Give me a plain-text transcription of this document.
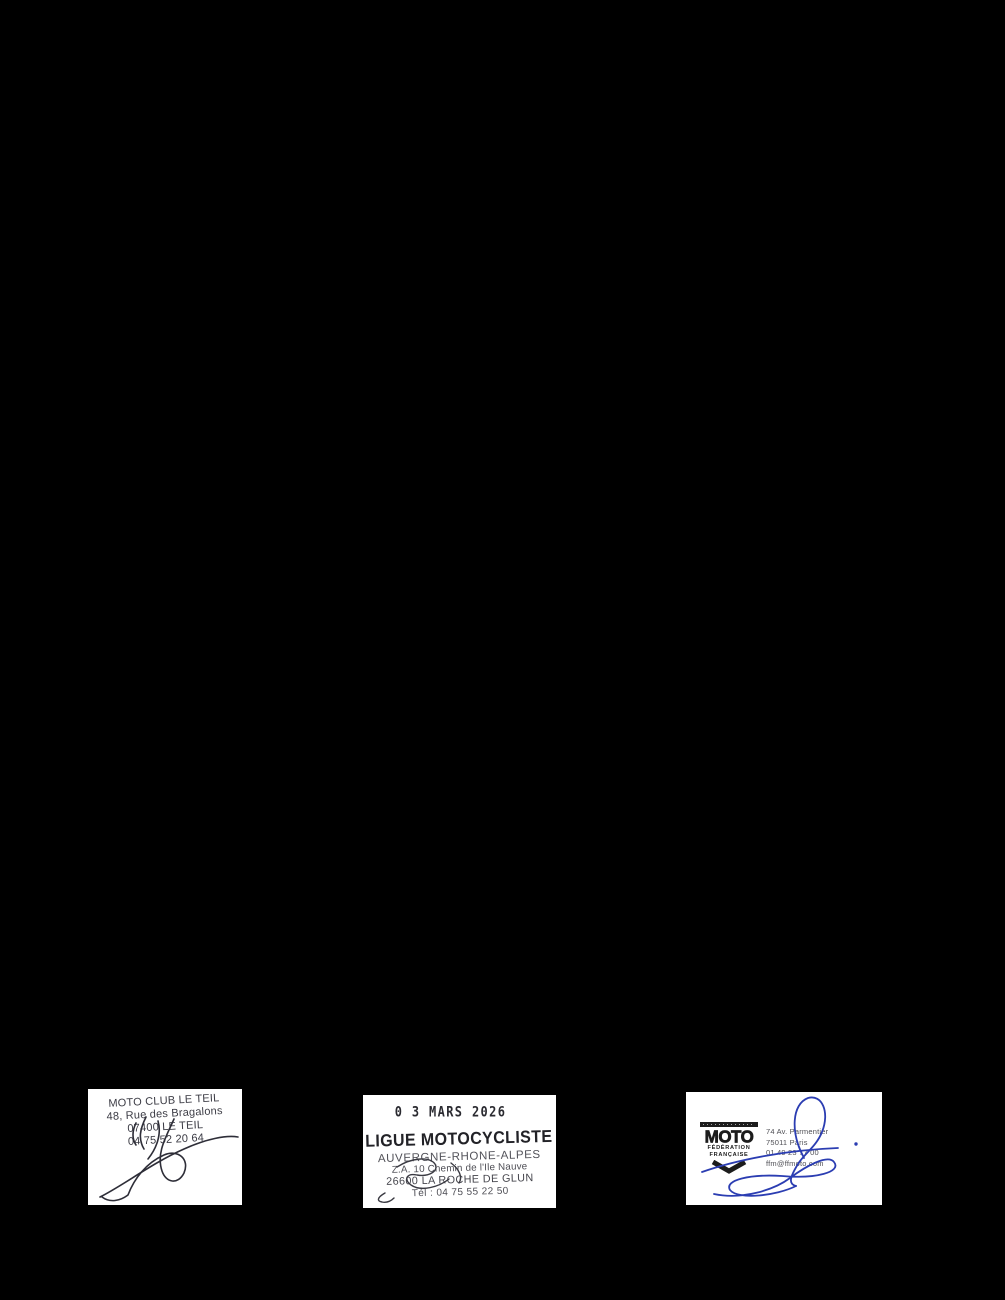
MOTO CLUB LE TEIL
48, Rue des Bragalons
07400 LE TEIL
04 75 52 20 64
0 3 MARS 2026
LIGUE MOTOCYCLISTE
AUVERGNE-RHONE-ALPES
Z.A. 10 Chemin de l'Ile Nauve
26600 LA ROCHE DE GLUN
Tél : 04 75 55 22 50
MOTO
FÉDÉRATION
FRANÇAISE
74 Av. Parmentier
75011 Paris
01 49 23 77 00
ffm@ffmoto.com
